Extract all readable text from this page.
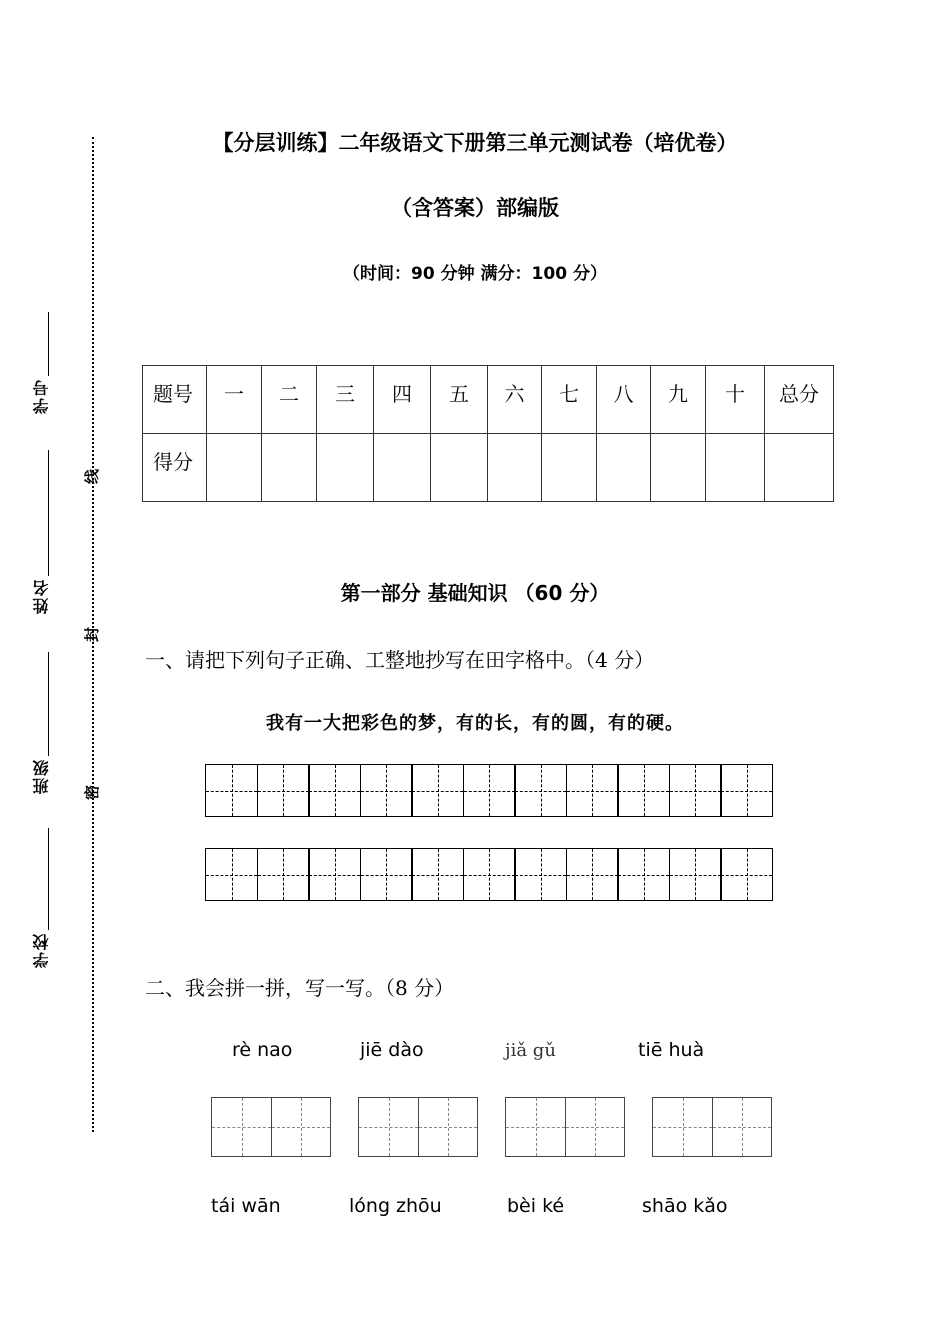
线
封
密
学号
姓名
班级
学校
【分层训练】二年级语文下册第三单元测试卷（培优卷）
（含答案）部编版
（时间：90 分钟 满分：100 分）
题号	一	二	三	四	五	六	七	八	九	十	总分
得分											
第一部分 基础知识 （60 分）
一、请把下列句子正确、工整地抄写在田字格中。（4 分）
我有一大把彩色的梦，有的长，有的圆，有的硬。
二、我会拼一拼，写一写。（8 分）
rè nao	jiē dào	jiǎ gǔ	tiē huà
tái wān	lóng zhōu	bèi ké	shāo kǎo
